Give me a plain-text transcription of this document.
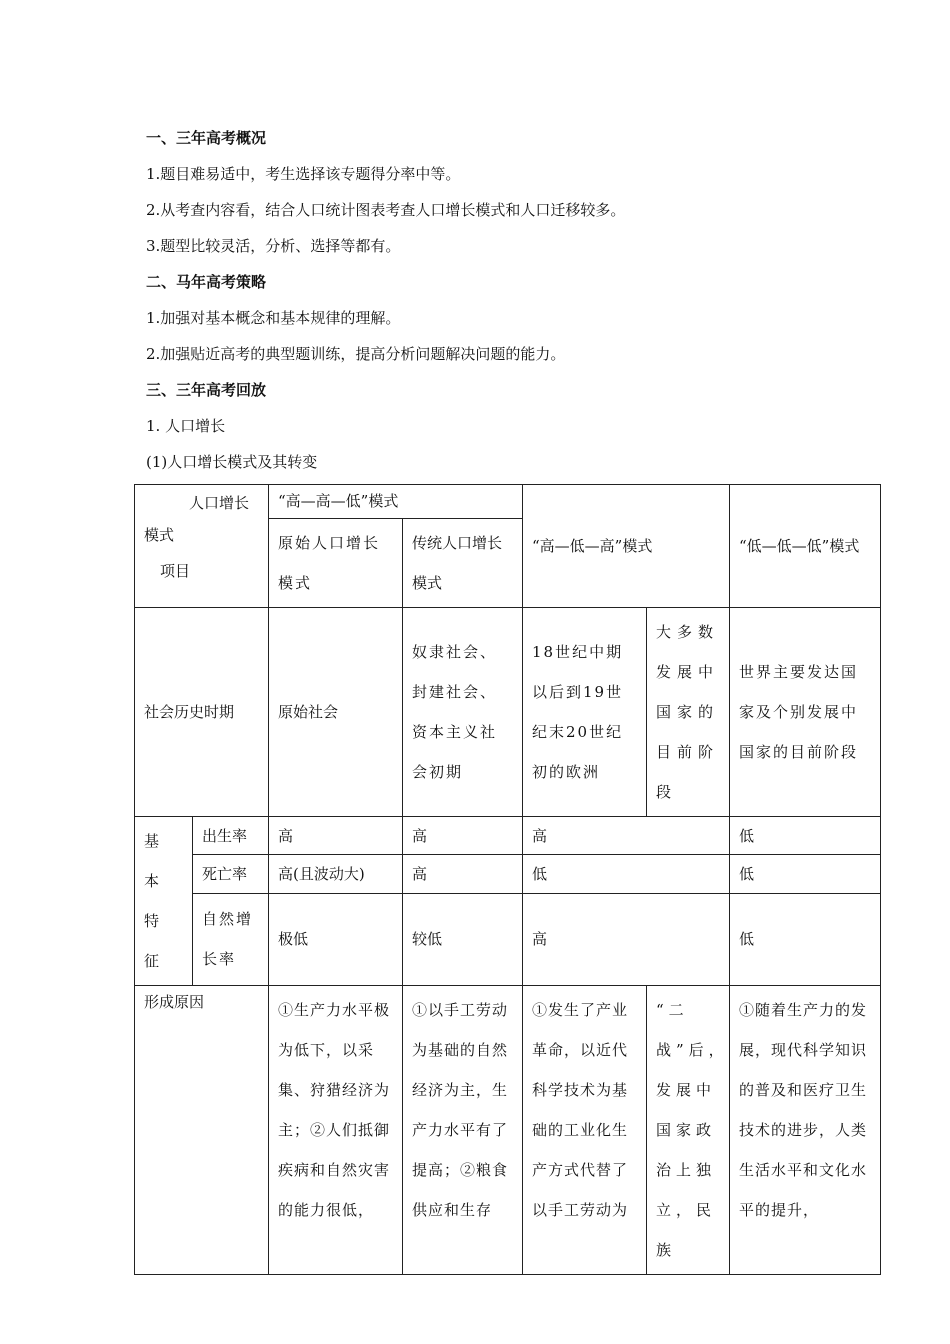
一、三年高考概况
1.题目难易适中，考生选择该专题得分率中等。
2.从考查内容看，结合人口统计图表考查人口增长模式和人口迁移较多。
3.题型比较灵活，分析、选择等都有。
二、马年高考策略
1.加强对基本概念和基本规律的理解。
2.加强贴近高考的典型题训练，提高分析问题解决问题的能力。
三、三年高考回放
1. 人口增长
(1)人口增长模式及其转变
人口增长
模式
项目		“高—高—低”模式		“高—低—高”模式		“低—低—低”模式
		原始人口增长模式	传统人口增长模式			
社会历史时期		原始社会	奴隶社会、封建社会、资本主义社会初期	18世纪中期以后到19世纪末20世纪初的欧洲	大多数发展中国家的目前阶段	世界主要发达国家及个别发展中国家的目前阶段
基本特征	出生率	高	高	高		低
	死亡率	高(且波动大)	高	低		低
	自然增长率	极低	较低	高		低
形成原因		①生产力水平极为低下，以采集、狩猎经济为主；②人们抵御疾病和自然灾害的能力很低，	①以手工劳动为基础的自然经济为主，生产力水平有了提高；②粮食供应和生存	①发生了产业革命，以近代科学技术为基础的工业化生产方式代替了以手工劳动为	“二战”后，发展中国家政治上独立，民族	①随着生产力的发展，现代科学知识的普及和医疗卫生技术的进步，人类生活水平和文化水平的提升，
